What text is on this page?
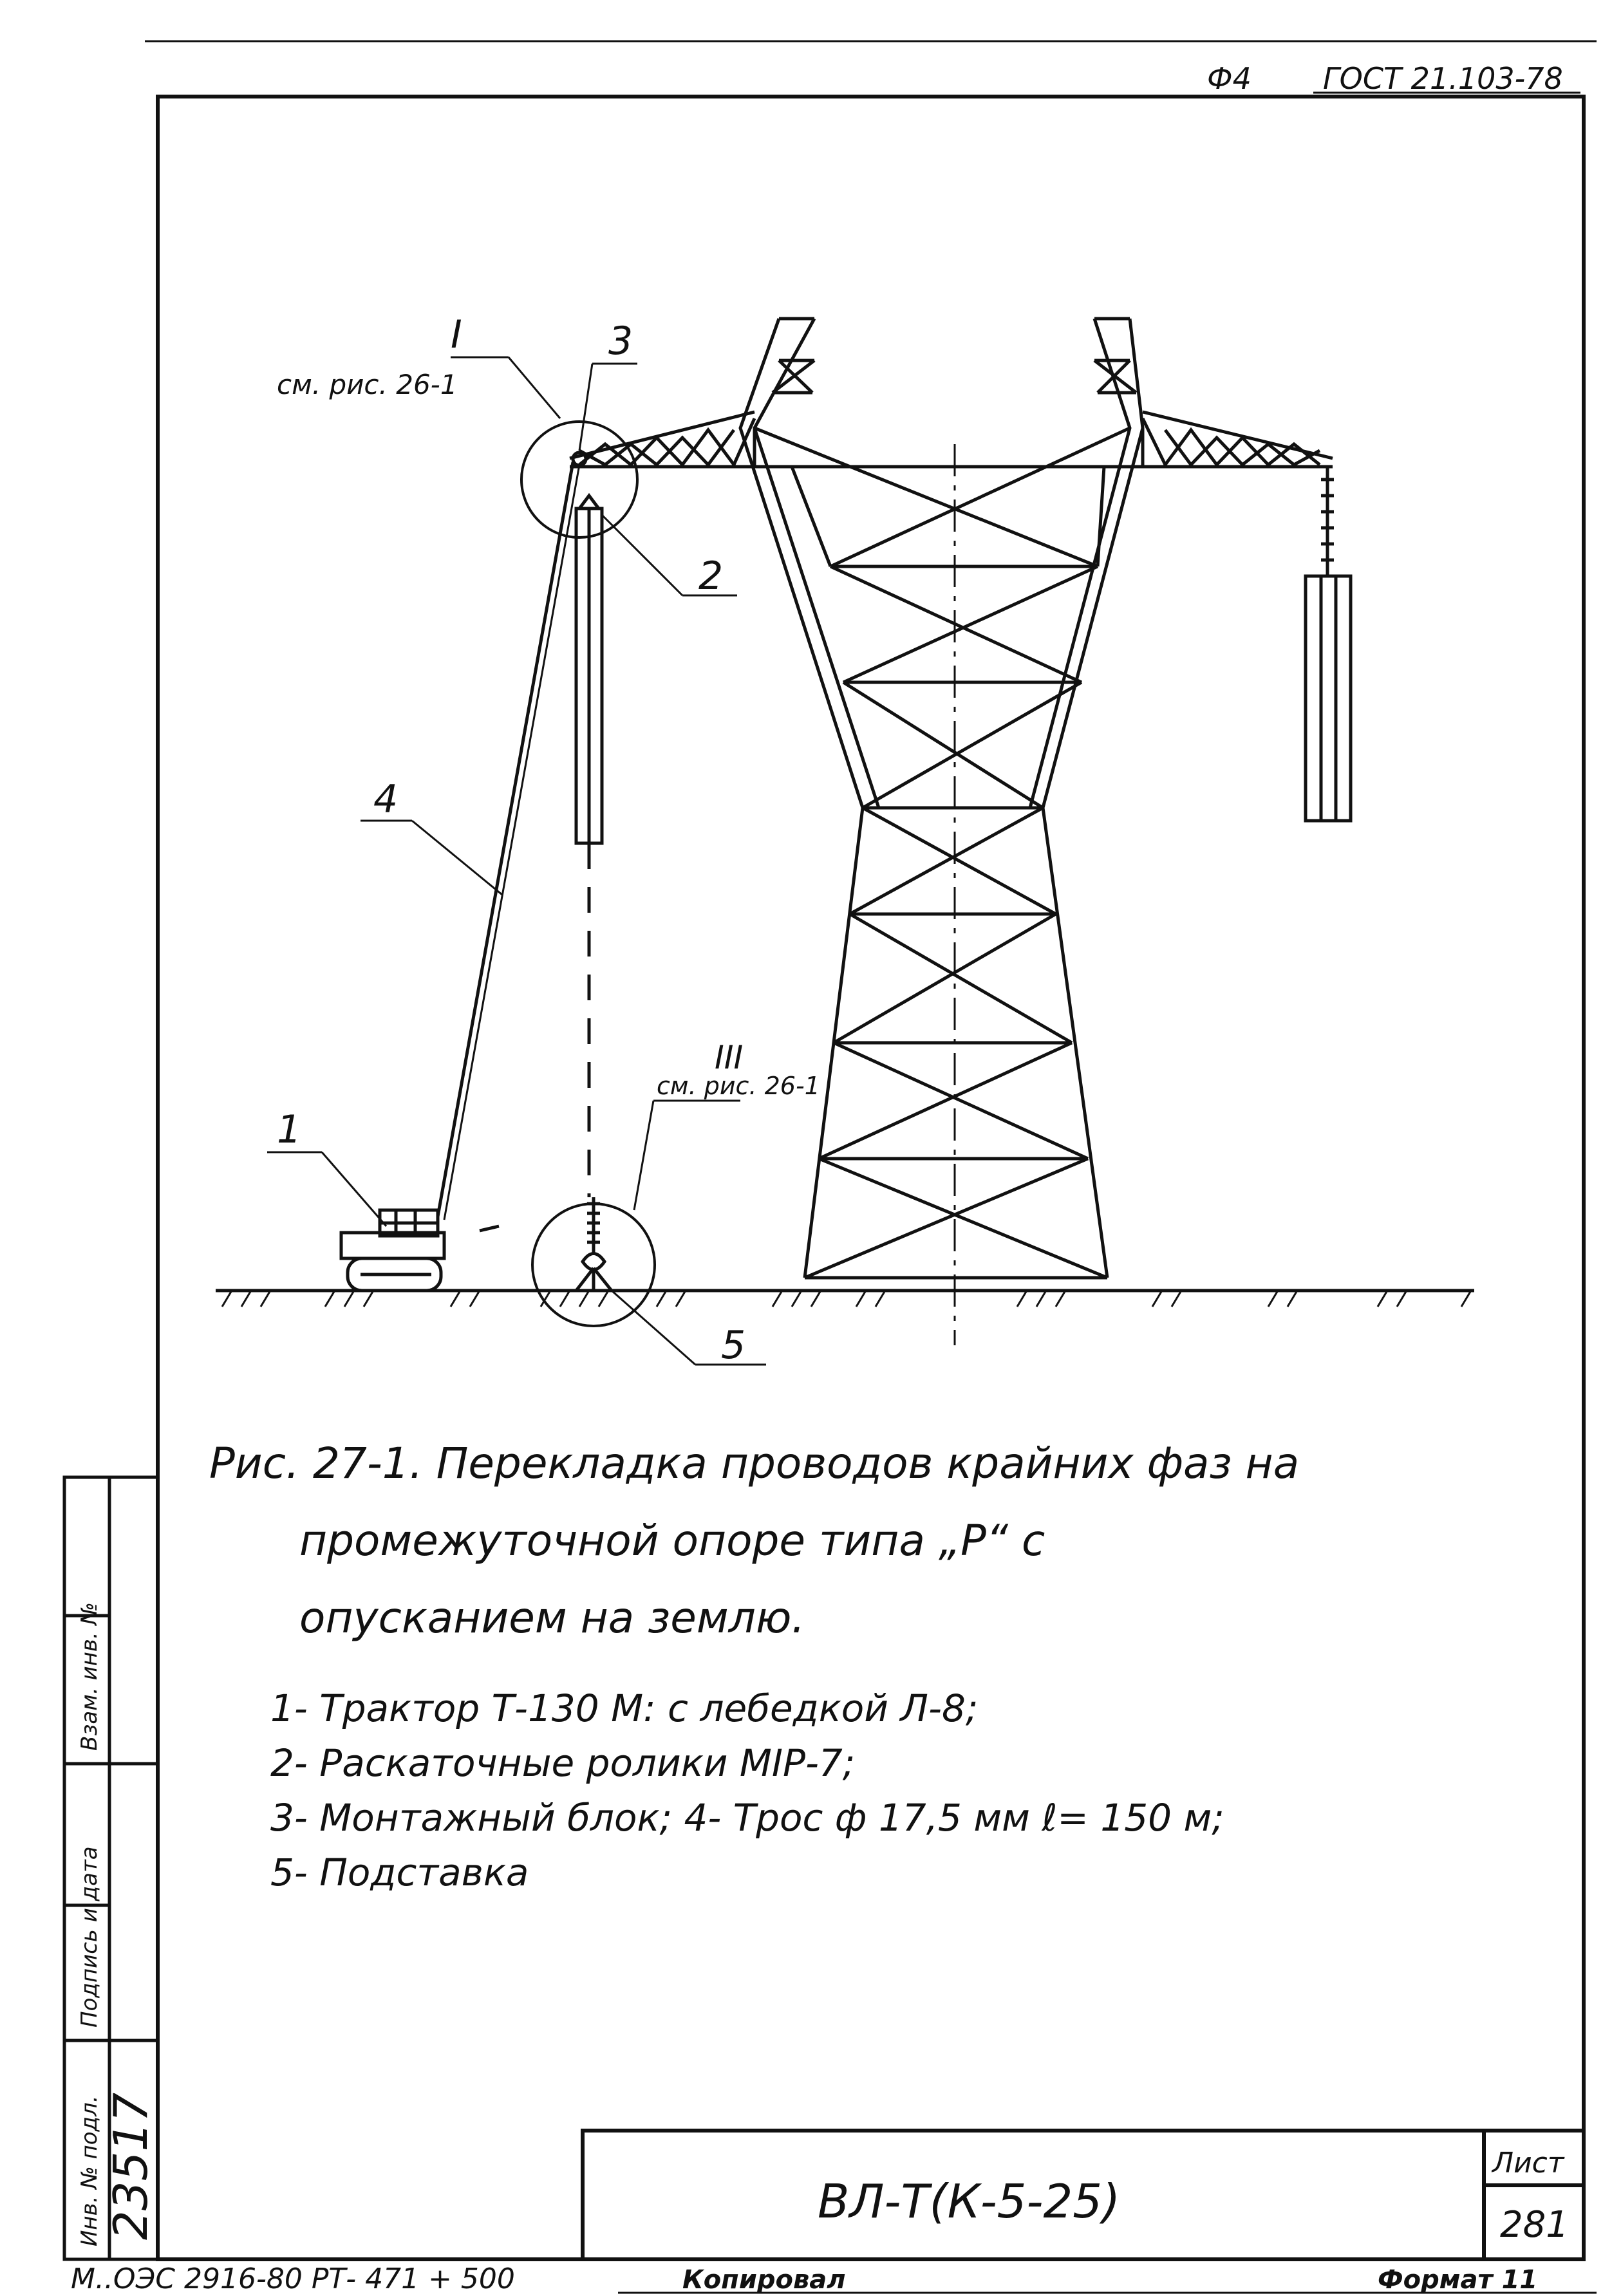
Ф4 ГОСТ 21.103-78
I
см. рис. 26-1
3
2
4
1
III
см. рис. 26-1
5
Инв. № подл. 23517
Подпись и дата
Взам. инв. №
ВЛ-Т(К-5-25)
Лист
281
М..ОЭС 2916-80 РТ- 471 + 500	Копировал	Формат 11
Рис. 27-1. Перекладка проводов крайних фаз на
промежуточной опоре типа „Р“ с
опусканием на землю.
1- Трактор Т-130 М: с лебедкой Л-8;
2- Раскаточные ролики МІР-7;
3- Монтажный блок; 4- Трос ф 17,5 мм ℓ= 150 м;
5- Подставка
